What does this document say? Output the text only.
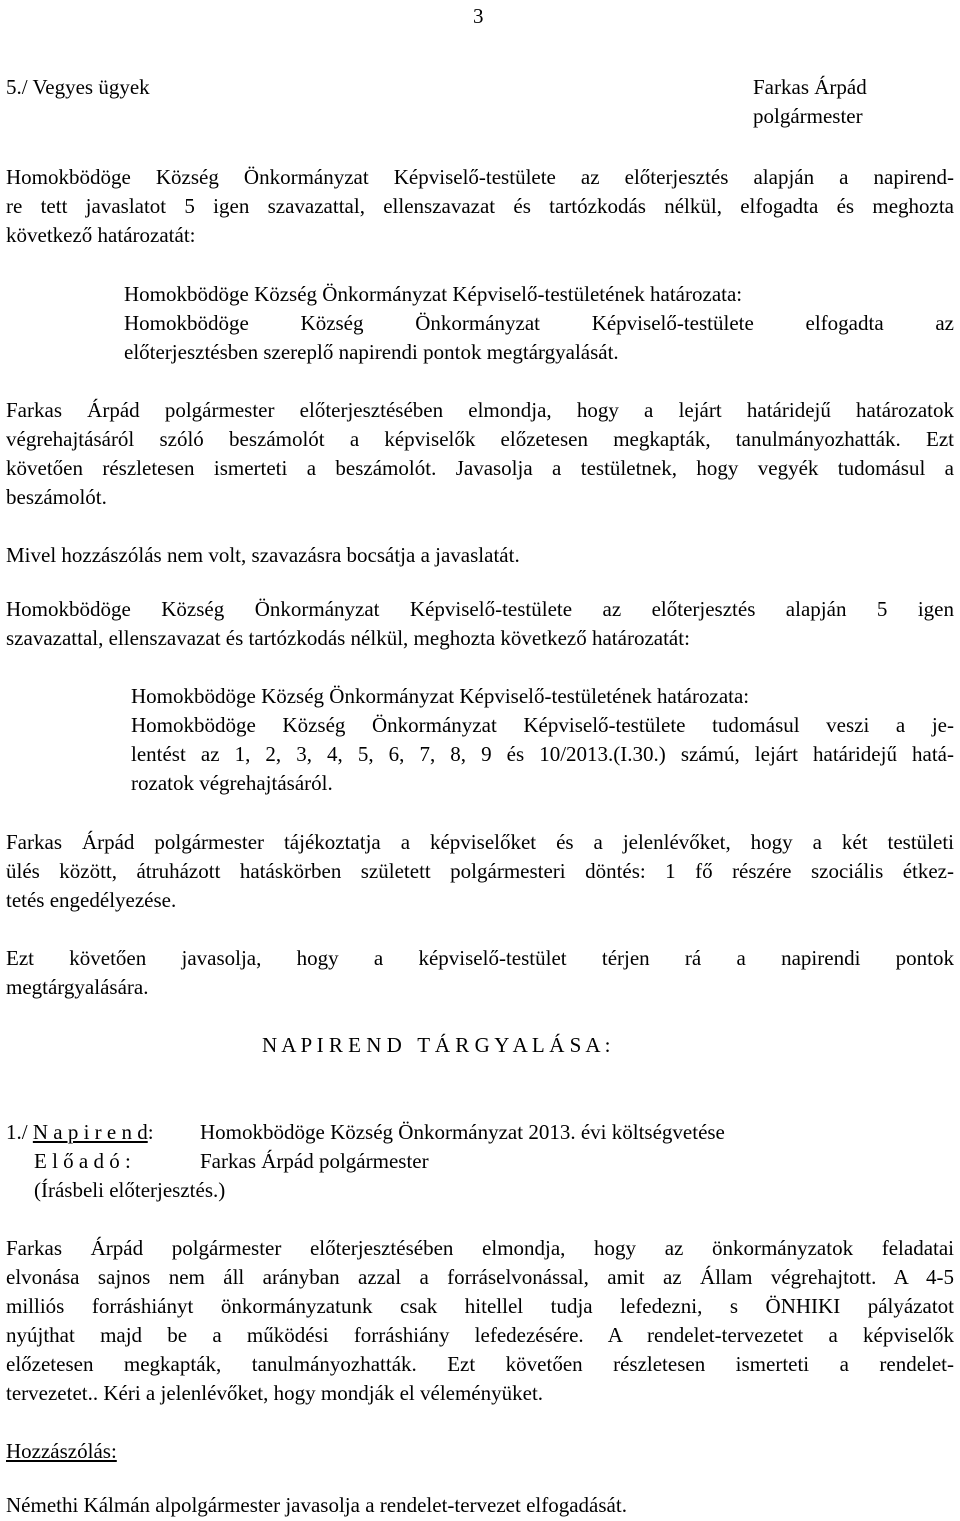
3
5./ Vegyes ügyek	Farkas Árpád
polgármester
Homokbödöge Község Önkormányzat Képviselő-testülete az előterjesztés alapján a napirend-
re tett javaslatot 5 igen szavazattal, ellenszavazat és tartózkodás nélkül, elfogadta és meghozta
következő határozatát:
Homokbödöge Község Önkormányzat Képviselő-testületének határozata:
Homokbödöge Község Önkormányzat Képviselő-testülete elfogadta az
előterjesztésben szereplő napirendi pontok megtárgyalását.
Farkas Árpád polgármester előterjesztésében elmondja, hogy a lejárt határidejű határozatok
végrehajtásáról szóló beszámolót a képviselők előzetesen megkapták, tanulmányozhatták. Ezt
követően részletesen ismerteti a beszámolót. Javasolja a testületnek, hogy vegyék tudomásul a
beszámolót.
Mivel hozzászólás nem volt, szavazásra bocsátja a javaslatát.
Homokbödöge Község Önkormányzat Képviselő-testülete az előterjesztés alapján 5 igen
szavazattal, ellenszavazat és tartózkodás nélkül, meghozta következő határozatát:
Homokbödöge Község Önkormányzat Képviselő-testületének határozata:
Homokbödöge Község Önkormányzat Képviselő-testülete tudomásul veszi a je-
lentést az 1, 2, 3, 4, 5, 6, 7, 8, 9 és 10/2013.(I.30.) számú, lejárt határidejű hatá-
rozatok végrehajtásáról.
Farkas Árpád polgármester tájékoztatja a képviselőket és a jelenlévőket, hogy a két testületi
ülés között, átruházott hatáskörben született polgármesteri döntés: 1 fő részére szociális étkez-
tetés engedélyezése.
Ezt követően javasolja, hogy a képviselő-testület térjen rá a napirendi pontok
megtárgyalására.
N A P I R E N D   T Á R G Y A L Á S A :
1./ N a p i r e n d: Homokbödöge Község Önkormányzat 2013. évi költségvetése
E l ő a d ó :	Farkas Árpád polgármester
(Írásbeli előterjesztés.)
Farkas Árpád polgármester előterjesztésében elmondja, hogy az önkormányzatok feladatai
elvonása sajnos nem áll arányban azzal a forráselvonással, amit az Állam végrehajtott. A 4-5
milliós forráshiányt önkormányzatunk csak hitellel tudja lefedezni, s ÖNHIKI pályázatot
nyújthat majd be a működési forráshiány lefedezésére. A rendelet-tervezetet a képviselők
előzetesen megkapták, tanulmányozhatták. Ezt követően részletesen ismerteti a rendelet-
tervezetet.. Kéri a jelenlévőket, hogy mondják el véleményüket.
Hozzászólás:
Némethi Kálmán alpolgármester javasolja a rendelet-tervezet elfogadását.
